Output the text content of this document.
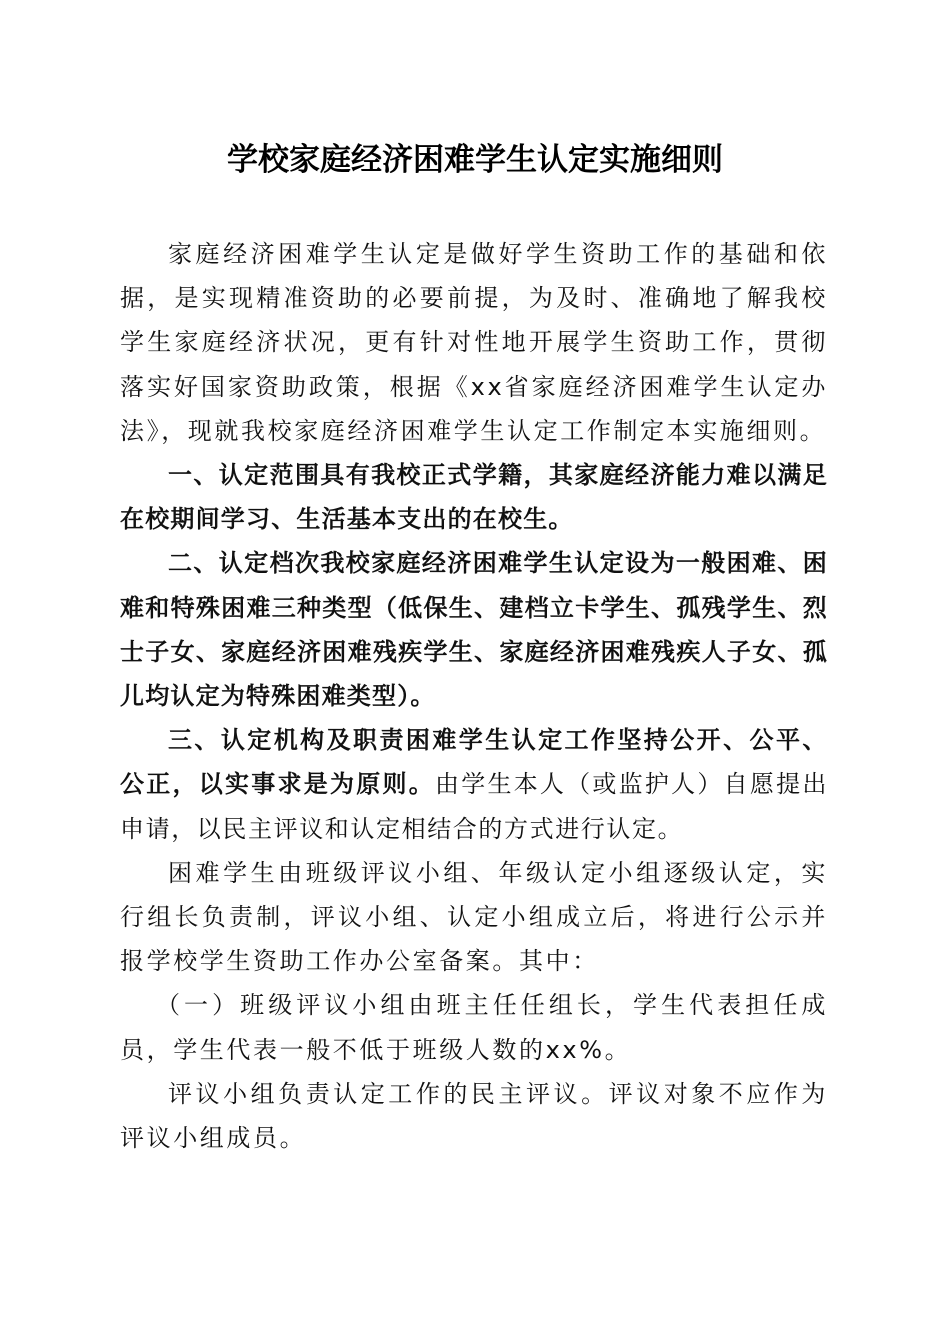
学校家庭经济困难学生认定实施细则

家庭经济困难学生认定是做好学生资助工作的基础和依据，是实现精准资助的必要前提，为及时、准确地了解我校学生家庭经济状况，更有针对性地开展学生资助工作，贯彻落实好国家资助政策，根据《xx省家庭经济困难学生认定办法》，现就我校家庭经济困难学生认定工作制定本实施细则。

一、认定范围具有我校正式学籍，其家庭经济能力难以满足在校期间学习、生活基本支出的在校生。

二、认定档次我校家庭经济困难学生认定设为一般困难、困难和特殊困难三种类型（低保生、建档立卡学生、孤残学生、烈士子女、家庭经济困难残疾学生、家庭经济困难残疾人子女、孤儿均认定为特殊困难类型）。

三、认定机构及职责困难学生认定工作坚持公开、公平、公正，以实事求是为原则。由学生本人（或监护人）自愿提出申请，以民主评议和认定相结合的方式进行认定。

困难学生由班级评议小组、年级认定小组逐级认定，实行组长负责制，评议小组、认定小组成立后，将进行公示并报学校学生资助工作办公室备案。其中：

（一）班级评议小组由班主任任组长，学生代表担任成员，学生代表一般不低于班级人数的xx%。

评议小组负责认定工作的民主评议。评议对象不应作为评议小组成员。
